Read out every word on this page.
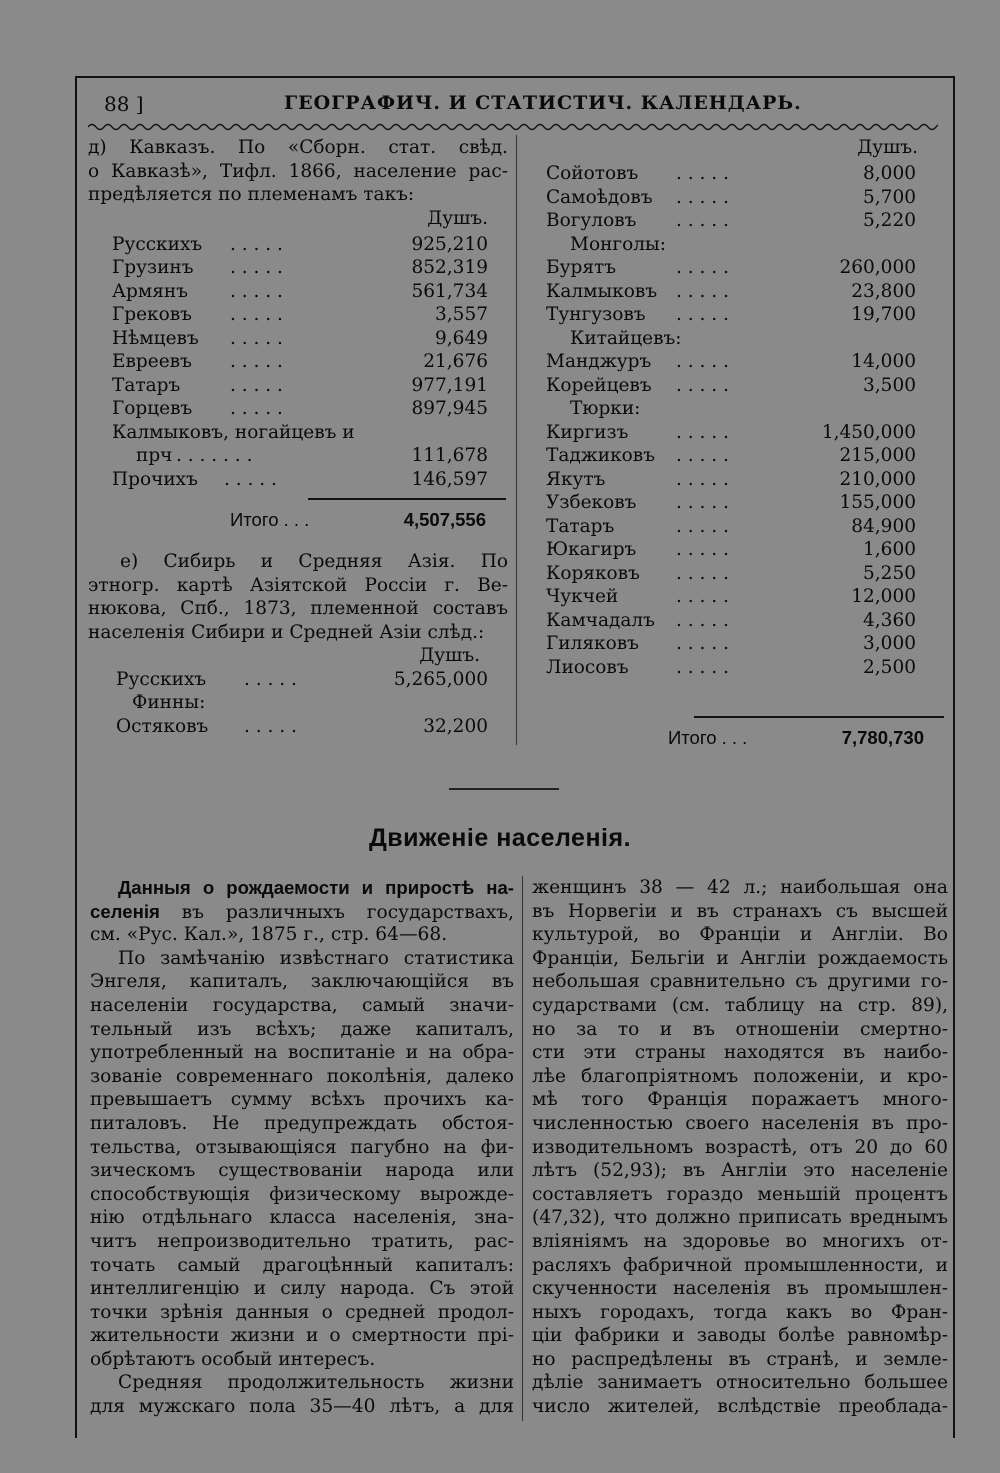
88 ]	ГЕОГРАФИЧ. И СТАТИСТИЧ. КАЛЕНДАРЬ.

д) Кавказъ. По «Сборн. стат. свѣд.
о Кавказѣ», Тифл. 1866, население рас-
предѣляется по племенамъ такъ:

Душъ.
Русскихъ . . . . .	925,210
Грузинъ . . . . .	852,319
Армянъ . . . . .	561,734
Грековъ . . . . .	3,557
Нѣмцевъ . . . . .	9,649
Евреевъ . . . . .	21,676
Татаръ	. . . . .	977,191
Горцевъ . . . . .	897,945
Калмыковъ, ногайцевъ и
прч . . . . . . .	111,678
Прочихъ . . . . .	146,597
Итого . . .	4,507,556
е) Сибирь и Средняя Азія. По
этногр. картѣ Азіятской Россіи г. Ве-
нюкова, Спб., 1873, племенной составъ
населенія Сибири и Средней Азіи слѣд.:
Душъ.
Русскихъ . . . . .	5,265,000
Финны:
Остяковъ . . . . .	32,200
Душъ.
Сойотовъ . . . . .	8,000
Самоѣдовъ . . . . .	5,700
Вогуловъ . . . . .	5,220
Монголы:
Бурятъ	. . . . .	260,000
Калмыковъ . . . . .	23,800
Тунгузовъ . . . . .	19,700
Китайцевъ:
Манджуръ . . . . .	14,000
Корейцевъ . . . . .	3,500
Тюрки:
Киргизъ	. . . . .	1,450,000
Таджиковъ . . . . .	215,000
Якутъ	. . . . .	210,000
Узбековъ . . . . .	155,000
Татаръ	. . . . .	84,900
Юкагиръ . . . . .	1,600
Коряковъ . . . . .	5,250
Чукчей	. . . . .	12,000
Камчадалъ . . . . .	4,360
Гиляковъ . . . . .	3,000
Лиосовъ	. . . . .	2,500
Итого . . .	7,780,730
Движеніе населенія.
Данныя о рождаемости и приростѣ на-
селенія въ различныхъ государствахъ,
см. «Рус. Кал.», 1875 г., стр. 64—68.
По замѣчанію извѣстнаго статистика
Энгеля, капиталъ, заключающійся въ
населеніи государства, самый значи-
тельный изъ всѣхъ; даже капиталъ,
употребленный на воспитаніе и на обра-
зованіе современнаго поколѣнія, далеко
превышаетъ сумму всѣхъ прочихъ ка-
питаловъ. Не предупреждать обстоя-
тельства, отзывающіяся пагубно на фи-
зическомъ существованіи народа или
способствующія физическому вырожде-
нію отдѣльнаго класса населенія, зна-
читъ непроизводительно тратить, рас-
точать самый драгоцѣнный капиталъ:
интеллигенцію и силу народа. Съ этой
точки зрѣнія данныя о средней продол-
жительности жизни и о смертности прі-
обрѣтаютъ особый интересъ.
Средняя продолжительность жизни
для мужскаго пола 35—40 лѣтъ, а для
женщинъ 38 — 42 л.; наибольшая она
въ Норвегіи и въ странахъ съ высшей
культурой, во Франціи и Англіи. Во
Франціи, Бельгіи и Англіи рождаемость
небольшая сравнительно съ другими го-
сударствами (см. таблицу на стр. 89),
но за то и въ отношеніи смертно-
сти эти страны находятся въ наибо-
лѣе благопріятномъ положеніи, и кро-
мѣ того Франція поражаетъ много-
численностью своего населенія въ про-
изводительномъ возрастѣ, отъ 20 до 60
лѣтъ (52,93); въ Англіи это населеніе
составляетъ гораздо меньшій процентъ
(47,32), что должно приписать вреднымъ
вліяніямъ на здоровье во многихъ от-
расляхъ фабричной промышленности, и
скученности населенія въ промышлен-
ныхъ городахъ, тогда какъ во Фран-
ціи фабрики и заводы болѣе равномѣр-
но распредѣлены въ странѣ, и земле-
дѣліе занимаетъ относительно большее
число жителей, вслѣдствіе преоблада-
